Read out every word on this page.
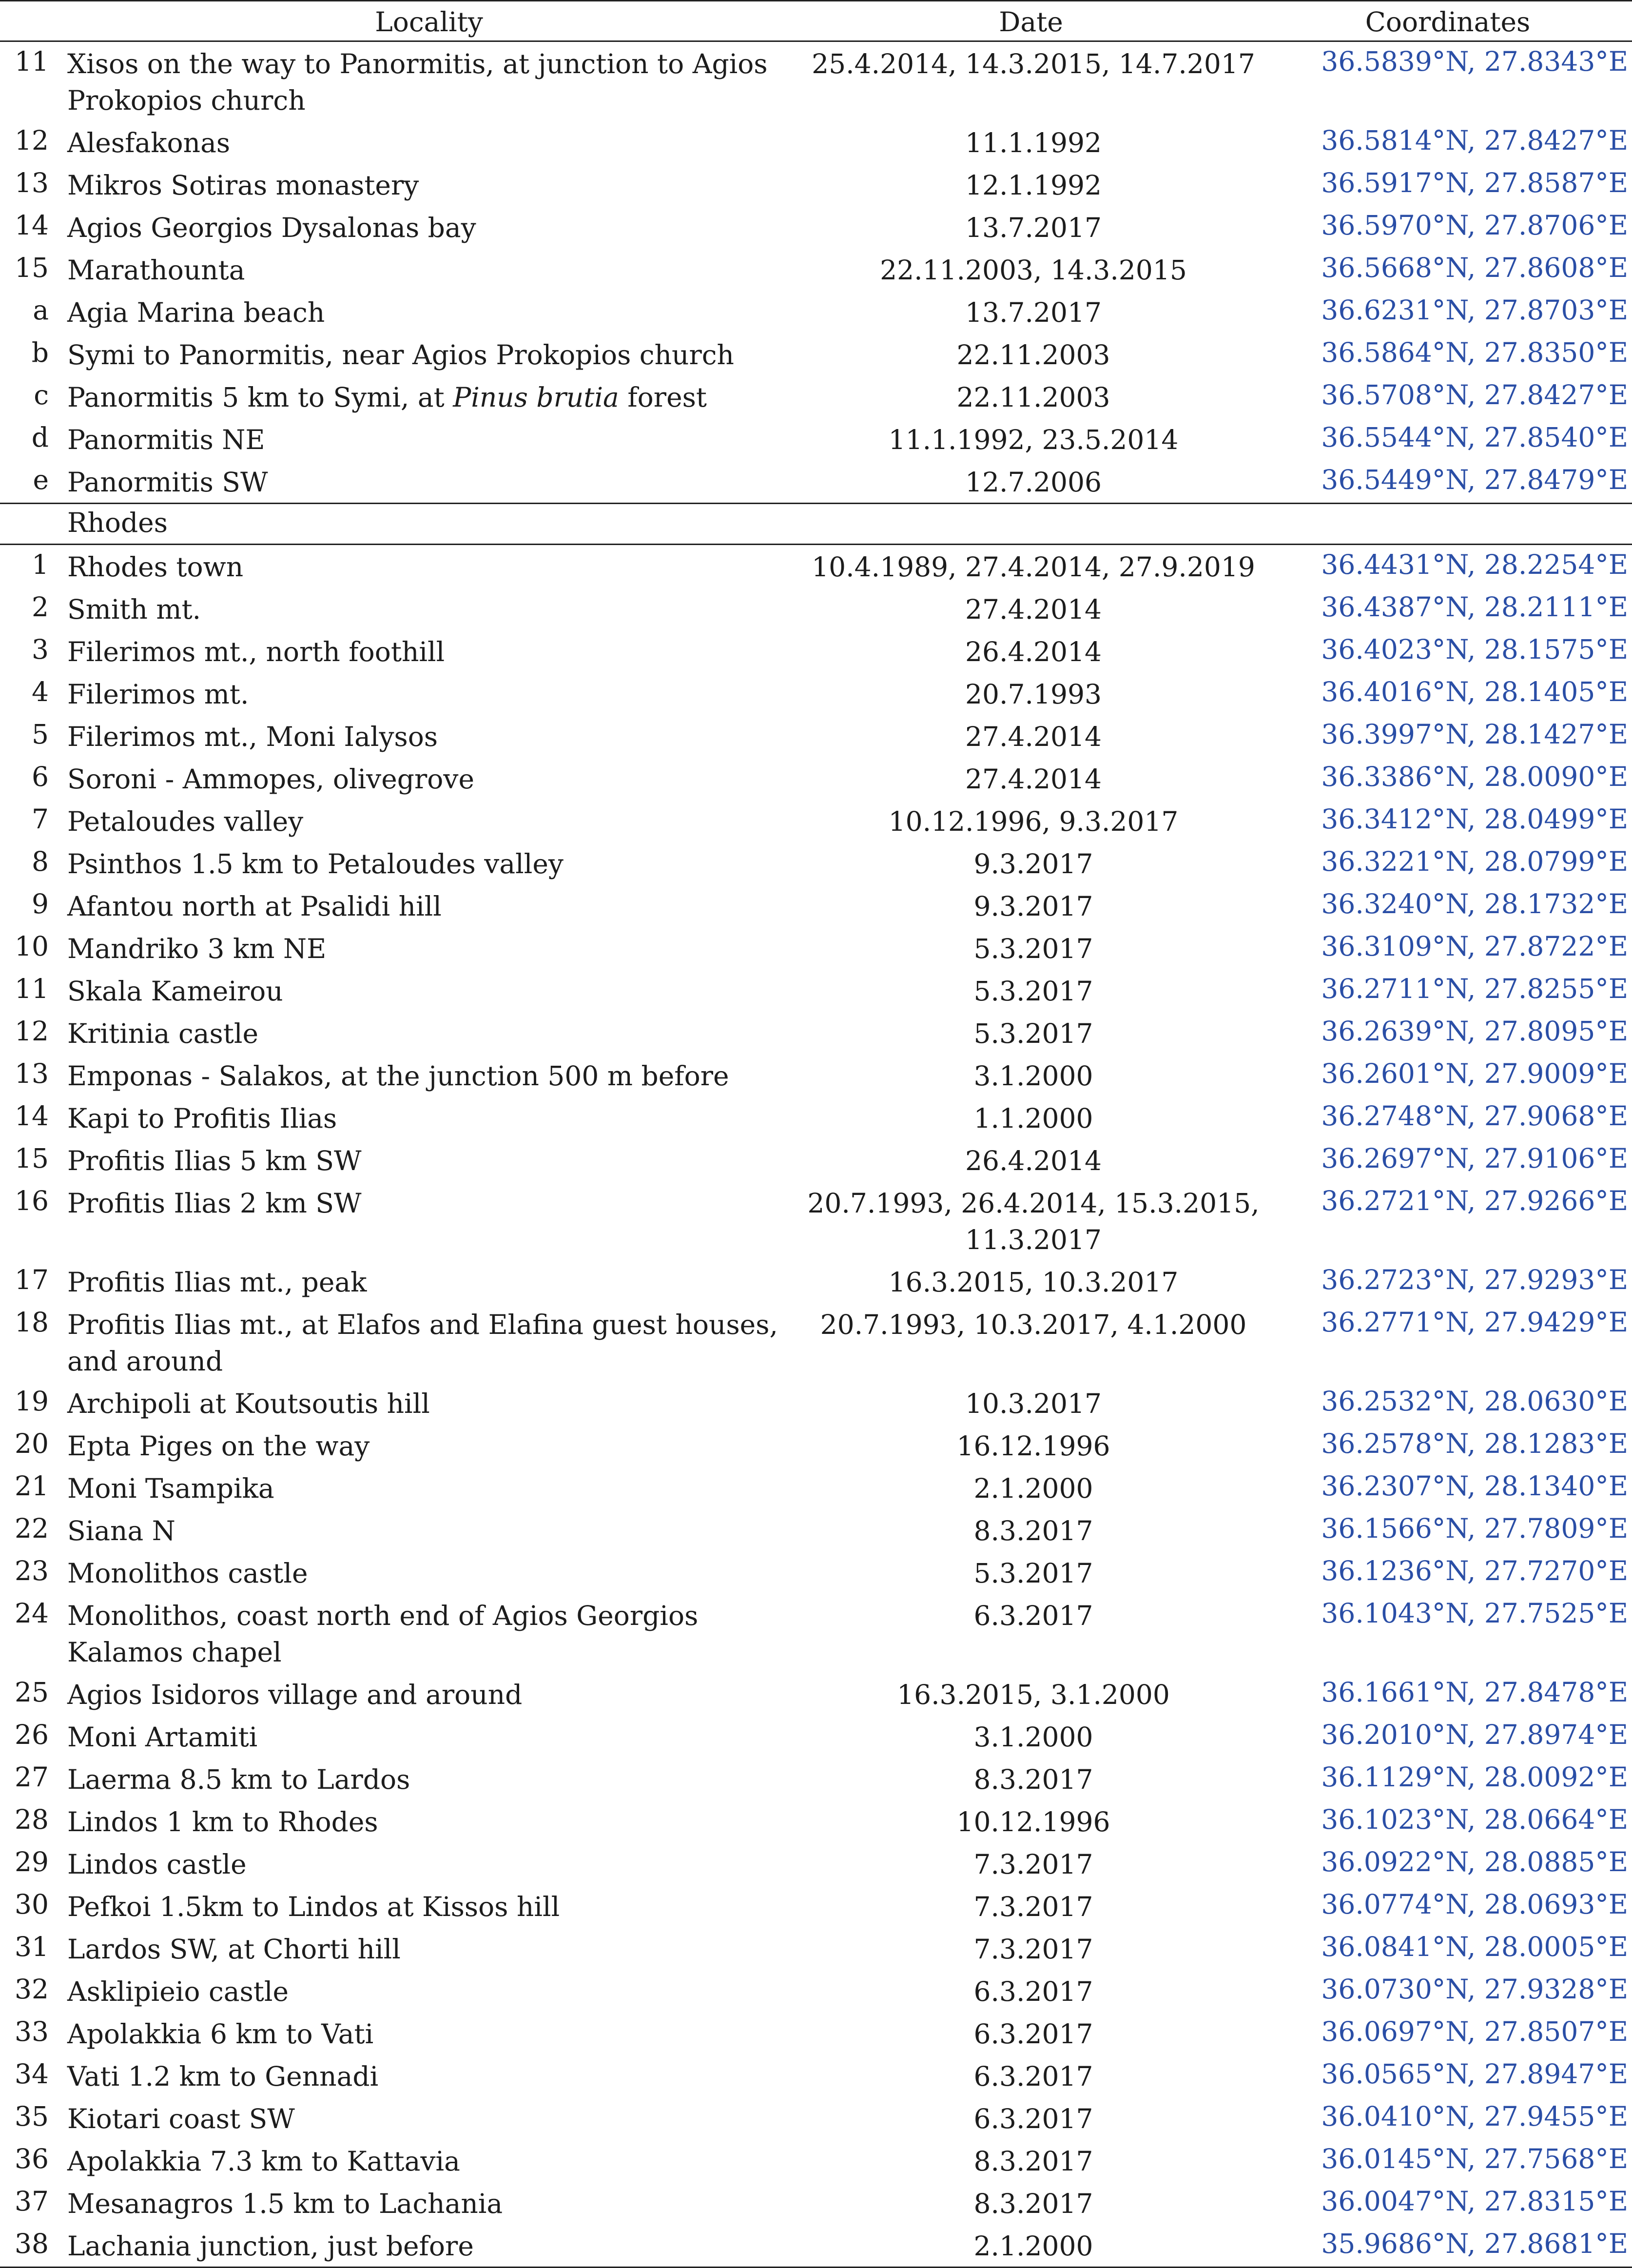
Locality	Date	Coordinates
11 Xisos on the way to Panormitis, at junction to Agios Prokopios church
25.4.2014, 14.3.2015, 14.7.2017	36.5839°N, 27.8343°E
12 Alesfakonas	11.1.1992	36.5814°N, 27.8427°E
13 Mikros Sotiras monastery	12.1.1992	36.5917°N, 27.8587°E
14 Agios Georgios Dysalonas bay	13.7.2017	36.5970°N, 27.8706°E
15 Marathounta	22.11.2003, 14.3.2015	36.5668°N, 27.8608°E
a Agia Marina beach	13.7.2017	36.6231°N, 27.8703°E
b Symi to Panormitis, near Agios Prokopios church	22.11.2003	36.5864°N, 27.8350°E
c Panormitis 5 km to Symi, at Pinus brutia forest	22.11.2003	36.5708°N, 27.8427°E
d Panormitis NE	11.1.1992, 23.5.2014	36.5544°N, 27.8540°E
e Panormitis SW	12.7.2006	36.5449°N, 27.8479°E
Rhodes
1 Rhodes town	10.4.1989, 27.4.2014, 27.9.2019	36.4431°N, 28.2254°E
2 Smith mt.	27.4.2014	36.4387°N, 28.2111°E
3 Filerimos mt., north foothill	26.4.2014	36.4023°N, 28.1575°E
4 Filerimos mt.	20.7.1993	36.4016°N, 28.1405°E
5 Filerimos mt., Moni Ialysos	27.4.2014	36.3997°N, 28.1427°E
6 Soroni - Ammopes, olivegrove	27.4.2014	36.3386°N, 28.0090°E
7 Petaloudes valley	10.12.1996, 9.3.2017	36.3412°N, 28.0499°E
8 Psinthos 1.5 km to Petaloudes valley	9.3.2017	36.3221°N, 28.0799°E
9 Afantou north at Psalidi hill	9.3.2017	36.3240°N, 28.1732°E
10 Mandriko 3 km NE	5.3.2017	36.3109°N, 27.8722°E
11 Skala Kameirou	5.3.2017	36.2711°N, 27.8255°E
12 Kritinia castle	5.3.2017	36.2639°N, 27.8095°E
13 Emponas - Salakos, at the junction 500 m before	3.1.2000	36.2601°N, 27.9009°E
14 Kapi to Profitis Ilias	1.1.2000	36.2748°N, 27.9068°E
15 Profitis Ilias 5 km SW	26.4.2014	36.2697°N, 27.9106°E
16 Profitis Ilias 2 km SW	20.7.1993, 26.4.2014, 15.3.2015, 11.3.2017
36.2721°N, 27.9266°E
17 Profitis Ilias mt., peak	16.3.2015, 10.3.2017	36.2723°N, 27.9293°E
18 Profitis Ilias mt., at Elafos and Elafina guest houses, and around
20.7.1993, 10.3.2017, 4.1.2000	36.2771°N, 27.9429°E
19 Archipoli at Koutsoutis hill	10.3.2017	36.2532°N, 28.0630°E
20 Epta Piges on the way	16.12.1996	36.2578°N, 28.1283°E
21 Moni Tsampika	2.1.2000	36.2307°N, 28.1340°E
22 Siana N	8.3.2017	36.1566°N, 27.7809°E
23 Monolithos castle	5.3.2017	36.1236°N, 27.7270°E
24 Monolithos, coast north end of Agios Georgios Kalamos chapel
6.3.2017	36.1043°N, 27.7525°E
25 Agios Isidoros village and around	16.3.2015, 3.1.2000	36.1661°N, 27.8478°E
26 Moni Artamiti	3.1.2000	36.2010°N, 27.8974°E
27 Laerma 8.5 km to Lardos	8.3.2017	36.1129°N, 28.0092°E
28 Lindos 1 km to Rhodes	10.12.1996	36.1023°N, 28.0664°E
29 Lindos castle	7.3.2017	36.0922°N, 28.0885°E
30 Pefkoi 1.5km to Lindos at Kissos hill	7.3.2017	36.0774°N, 28.0693°E
31 Lardos SW, at Chorti hill	7.3.2017	36.0841°N, 28.0005°E
32 Asklipieio castle	6.3.2017	36.0730°N, 27.9328°E
33 Apolakkia 6 km to Vati	6.3.2017	36.0697°N, 27.8507°E
34 Vati 1.2 km to Gennadi	6.3.2017	36.0565°N, 27.8947°E
35 Kiotari coast SW	6.3.2017	36.0410°N, 27.9455°E
36 Apolakkia 7.3 km to Kattavia	8.3.2017	36.0145°N, 27.7568°E
37 Mesanagros 1.5 km to Lachania	8.3.2017	36.0047°N, 27.8315°E
38 Lachania junction, just before	2.1.2000	35.9686°N, 27.8681°E
